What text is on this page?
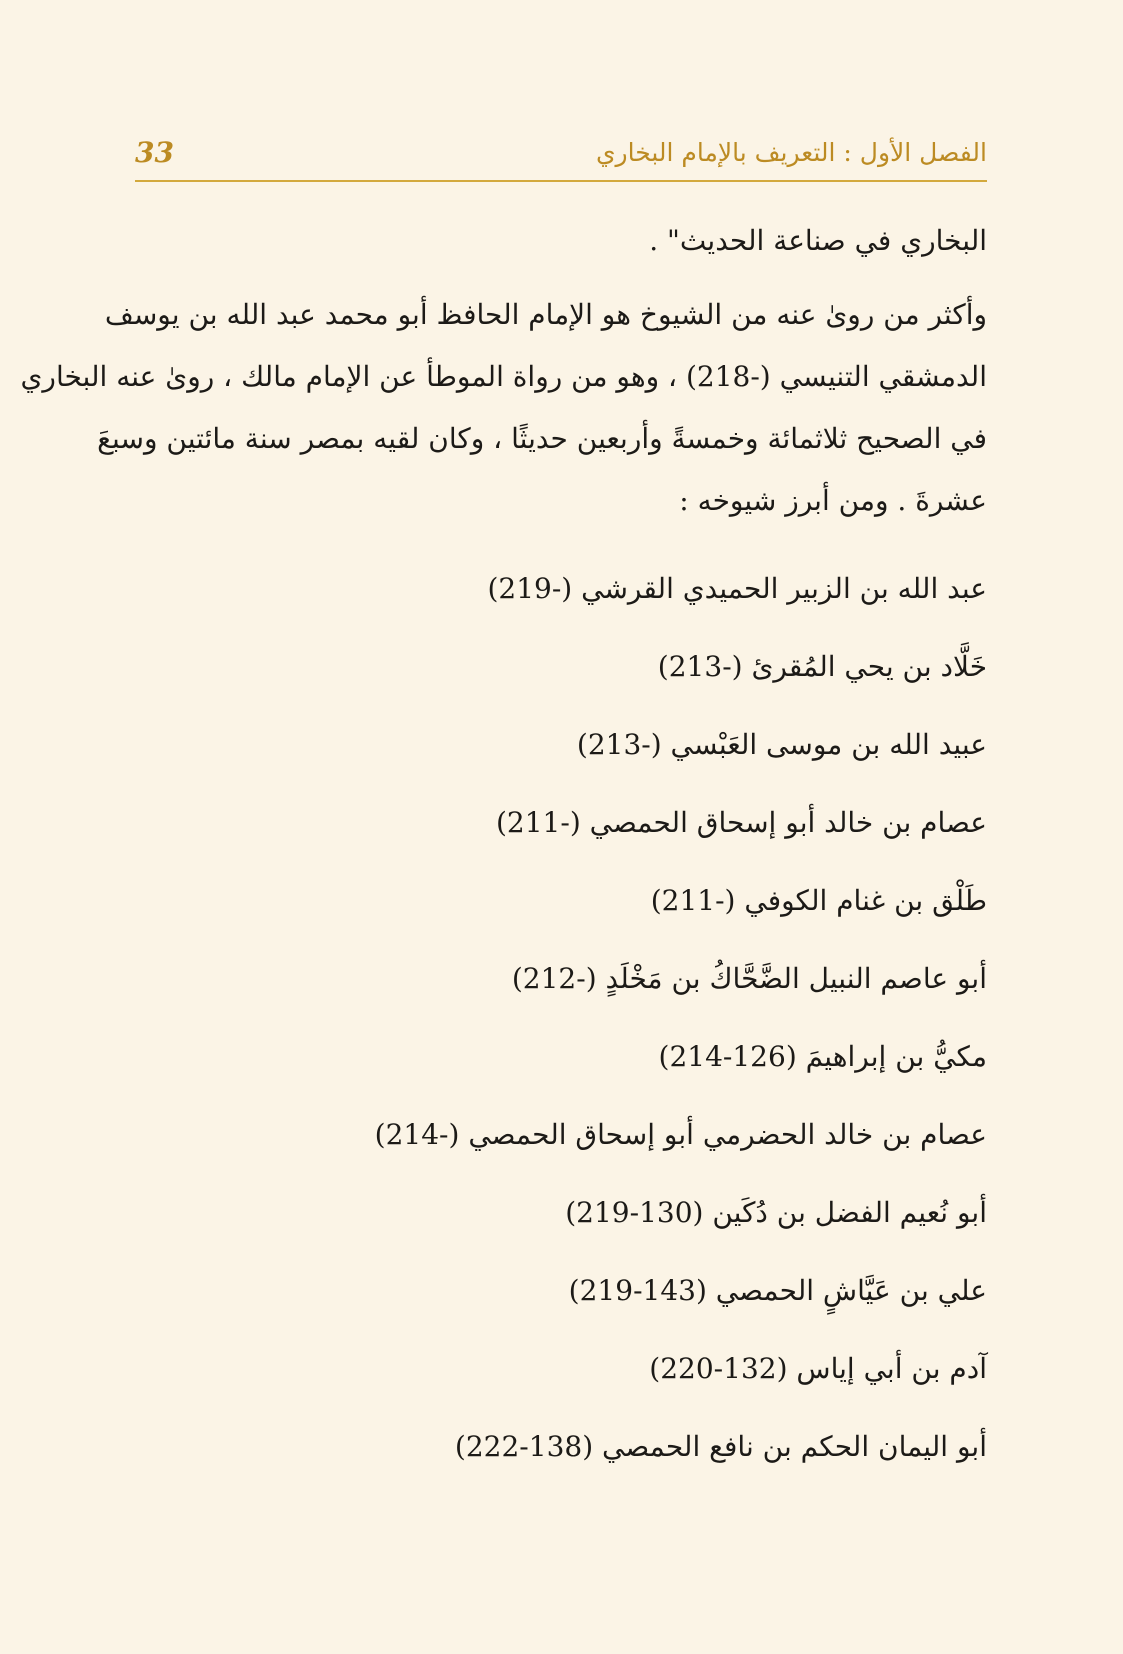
الفصل الأول : التعريف بالإمام البخاري
33
البخاري في صناعة الحديث" .
وأكثر من روىٰ عنه من الشيوخ هو الإمام الحافظ أبو محمد عبد الله بن يوسف
الدمشقي التنيسي (-218) ، وهو من رواة الموطأ عن الإمام مالك ، روىٰ عنه البخاري
في الصحيح ثلاثمائة وخمسةً وأربعين حديثًا ، وكان لقيه بمصر سنة مائتين وسبعَ
عشرةَ . ومن أبرز شيوخه :
عبد الله بن الزبير الحميدي القرشي (-219)
خَلَّاد بن يحي المُقرئ (-213)
عبيد الله بن موسى العَبْسي (-213)
عصام بن خالد أبو إسحاق الحمصي (-211)
طَلْق بن غنام الكوفي (-211)
أبو عاصم النبيل الضَّحَّاكُ بن مَخْلَدٍ (-212)
مكيُّ بن إبراهيمَ (126-214)
عصام بن خالد الحضرمي أبو إسحاق الحمصي (-214)
أبو نُعيم الفضل بن دُكَين (130-219)
علي بن عَيَّاشٍ الحمصي (143-219)
آدم بن أبي إياس (132-220)
أبو اليمان الحكم بن نافع الحمصي (138-222)
